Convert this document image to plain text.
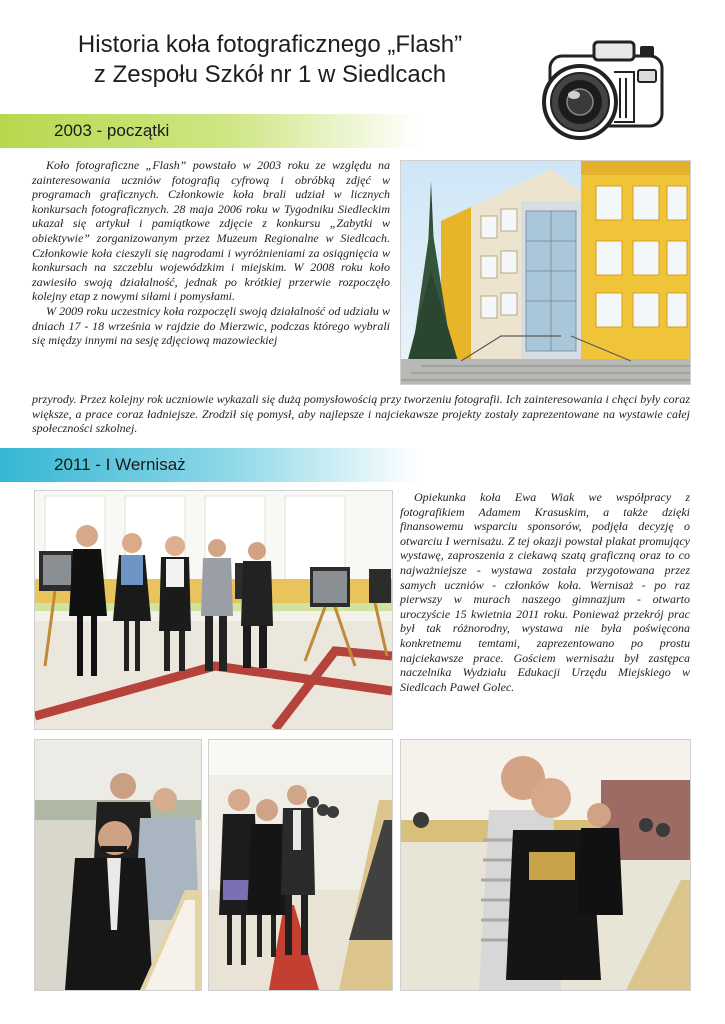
Historia koła fotograficznego „Flash”
z Zespołu Szkół nr 1 w Siedlcach
2003 - początki

Koło fotograficzne „Flash” powstało w 2003 roku ze względu na zainteresowania uczniów fotografią cyfrową i obróbką zdjęć w programach graficznych. Członkowie koła brali udział w licznych konkursach fotograficznych. 28 maja 2006 roku w Tygodniku Siedleckim ukazał się artykuł i pamiątkowe zdjęcie z konkursu „Zabytki w obiektywie” zorganizowanym przez Muzeum Regionalne w Siedlcach. Członkowie koła cieszyli się nagrodami i wyróżnieniami za osiągnięcia w konkursach na szczeblu wojewódzkim i miejskim. W 2008 roku koło zawiesiło swoją działalność, jednak po krótkiej przerwie rozpoczęło kolejny etap z nowymi siłami i pomysłami.

W 2009 roku uczestnicy koła rozpoczęli swoją działalność od udziału w dniach 17 - 18 września w rajdzie do Mierzwic, podczas którego wybrali się między innymi na sesję zdjęciową mazowieckiej

przyrody. Przez kolejny rok uczniowie wykazali się dużą pomysłowością przy tworzeniu fotografii. Ich zainteresowania i chęci były coraz większe, a prace coraz ładniejsze. Zrodził się pomysł, aby najlepsze i najciekawsze projekty zostały zaprezentowane na wystawie całej społeczności szkolnej.

2011 - I Wernisaż

Opiekunka koła Ewa Wiak we współpracy z fotografikiem Adamem Krasuskim, a także dzięki finansowemu wsparciu sponsorów, podjęła decyzję o otwarciu I wernisażu. Z tej okazji powstał plakat promujący wystawę, zaproszenia z ciekawą szatą graficzną oraz to co najważniejsze - wystawa została przygotowana przez samych uczniów - członków koła. Wernisaż - po raz pierwszy w murach naszego gimnazjum - otwarto uroczyście 15 kwietnia 2011 roku. Ponieważ przekrój prac był tak różnorodny, wystawa nie była poświęcona konkretnemu temtami, zaprezentowano po prostu najciekawsze prace. Gościem wernisażu był zastępca naczelnika Wydziału Edukacji Urzędu Miejskiego w Siedlcach Paweł Golec.
